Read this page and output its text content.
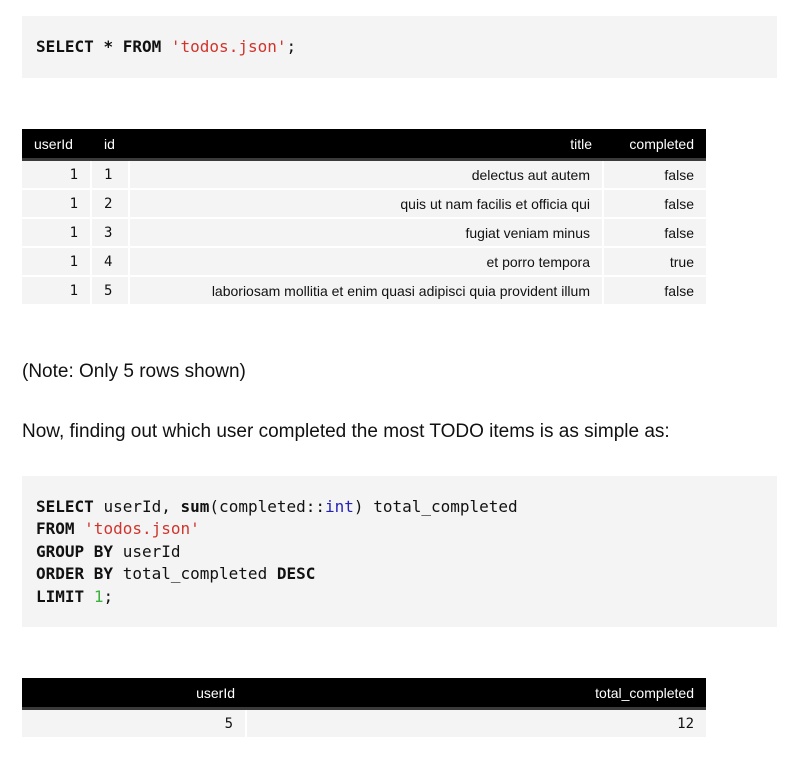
SELECT * FROM 'todos.json';
userId	id	title	completed
1	1	delectus aut autem	false
1	2	quis ut nam facilis et officia qui	false
1	3	fugiat veniam minus	false
1	4	et porro tempora	true
1	5	laboriosam mollitia et enim quasi adipisci quia provident illum	false

(Note: Only 5 rows shown)

Now, finding out which user completed the most TODO items is as simple as:

SELECT userId, sum(completed::int) total_completed
FROM 'todos.json'
GROUP BY userId
ORDER BY total_completed DESC
LIMIT 1;
userId	total_completed
5	12
